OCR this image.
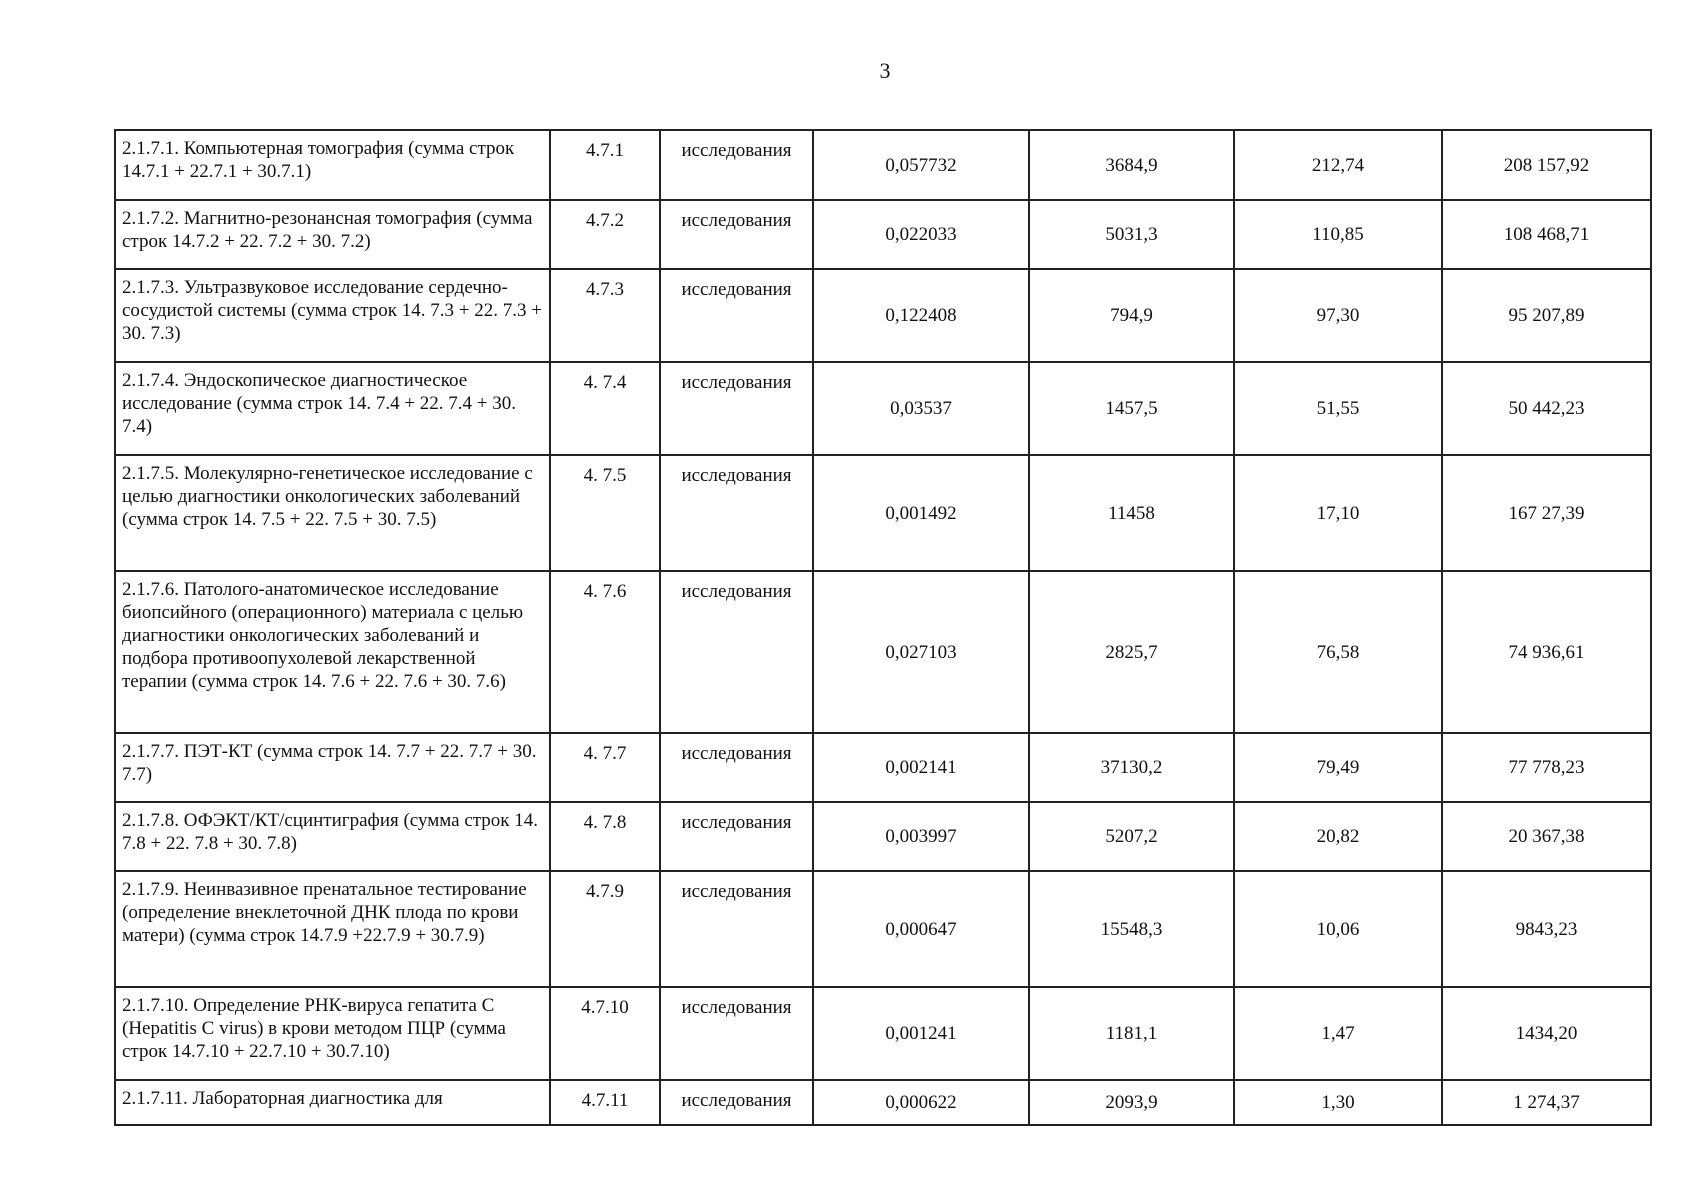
3
2.1.7.1. Компьютерная томография (сумма строк 14.7.1 + 22.7.1 + 30.7.1)	4.7.1	исследования	0,057732	3684,9	212,74	208 157,92
2.1.7.2. Магнитно-резонансная томография (сумма строк 14.7.2 + 22. 7.2 + 30. 7.2)	4.7.2	исследования	0,022033	5031,3	110,85	108 468,71
2.1.7.3. Ультразвуковое исследование сердечно-сосудистой системы (сумма строк 14. 7.3 + 22. 7.3 + 30. 7.3)	4.7.3	исследования	0,122408	794,9	97,30	95 207,89
2.1.7.4. Эндоскопическое диагностическое исследование (сумма строк 14. 7.4 + 22. 7.4 + 30. 7.4)	4. 7.4	исследования	0,03537	1457,5	51,55	50 442,23
2.1.7.5. Молекулярно-генетическое исследование с целью диагностики онкологических заболеваний (сумма строк 14. 7.5 + 22. 7.5 + 30. 7.5)	4. 7.5	исследования	0,001492	11458	17,10	167 27,39
2.1.7.6. Патолого-анатомическое исследование биопсийного (операционного) материала с целью диагностики онкологических заболеваний и подбора противоопухолевой лекарственной терапии (сумма строк 14. 7.6 + 22. 7.6 + 30. 7.6)	4. 7.6	исследования	0,027103	2825,7	76,58	74 936,61
2.1.7.7. ПЭТ-КТ (сумма строк 14. 7.7 + 22. 7.7 + 30. 7.7)	4. 7.7	исследования	0,002141	37130,2	79,49	77 778,23
2.1.7.8. ОФЭКТ/КТ/сцинтиграфия (сумма строк 14. 7.8 + 22. 7.8 + 30. 7.8)	4. 7.8	исследования	0,003997	5207,2	20,82	20 367,38
2.1.7.9. Неинвазивное пренатальное тестирование (определение внеклеточной ДНК плода по крови матери) (сумма строк 14.7.9 +22.7.9 + 30.7.9)	4.7.9	исследования	0,000647	15548,3	10,06	9843,23
2.1.7.10. Определение РНК-вируса гепатита C (Hepatitis C virus) в крови методом ПЦР (сумма строк 14.7.10 + 22.7.10 + 30.7.10)	4.7.10	исследования	0,001241	1181,1	1,47	1434,20
2.1.7.11. Лабораторная диагностика для	4.7.11	исследования	0,000622	2093,9	1,30	1 274,37
